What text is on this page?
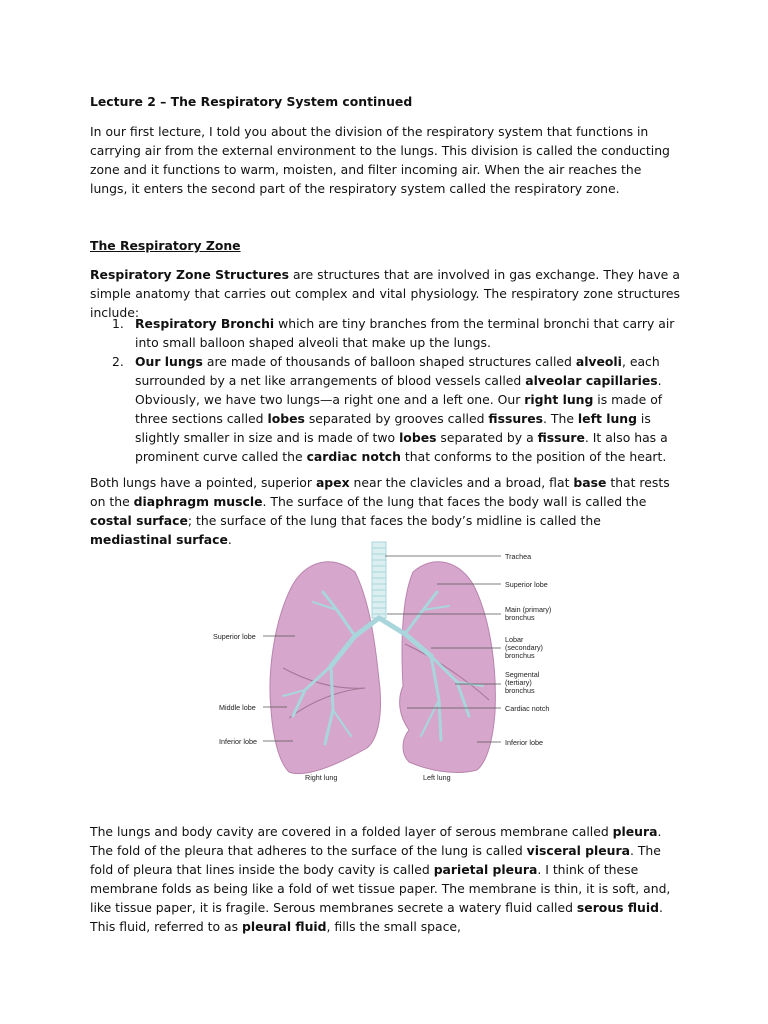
Lecture 2 – The Respiratory System continued

In our first lecture, I told you about the division of the respiratory system that functions in carrying air from the external environment to the lungs. This division is called the conducting zone and it functions to warm, moisten, and filter incoming air. When the air reaches the lungs, it enters the second part of the respiratory system called the respiratory zone.

The Respiratory Zone

Respiratory Zone Structures are structures that are involved in gas exchange. They have a simple anatomy that carries out complex and vital physiology. The respiratory zone structures include:

1. Respiratory Bronchi which are tiny branches from the terminal bronchi that carry air into small balloon shaped alveoli that make up the lungs.
2. Our lungs are made of thousands of balloon shaped structures called alveoli, each surrounded by a net like arrangements of blood vessels called alveolar capillaries. Obviously, we have two lungs—a right one and a left one. Our right lung is made of three sections called lobes separated by grooves called fissures. The left lung is slightly smaller in size and is made of two lobes separated by a fissure. It also has a prominent curve called the cardiac notch that conforms to the position of the heart.

Both lungs have a pointed, superior apex near the clavicles and a broad, flat base that rests on the diaphragm muscle. The surface of the lung that faces the body wall is called the costal surface; the surface of the lung that faces the body’s midline is called the mediastinal surface.

Trachea
Superior lobe
Main (primary)
bronchus
Lobar
(secondary)
bronchus
Segmental
(tertiary)
bronchus
Cardiac notch
Inferior lobe
Superior lobe
Middle lobe
Inferior lobe
Right lung	Left lung

The lungs and body cavity are covered in a folded layer of serous membrane called pleura. The fold of the pleura that adheres to the surface of the lung is called visceral pleura. The fold of pleura that lines inside the body cavity is called parietal pleura. I think of these membrane folds as being like a fold of wet tissue paper. The membrane is thin, it is soft, and, like tissue paper, it is fragile. Serous membranes secrete a watery fluid called serous fluid. This fluid, referred to as pleural fluid, fills the small space,
